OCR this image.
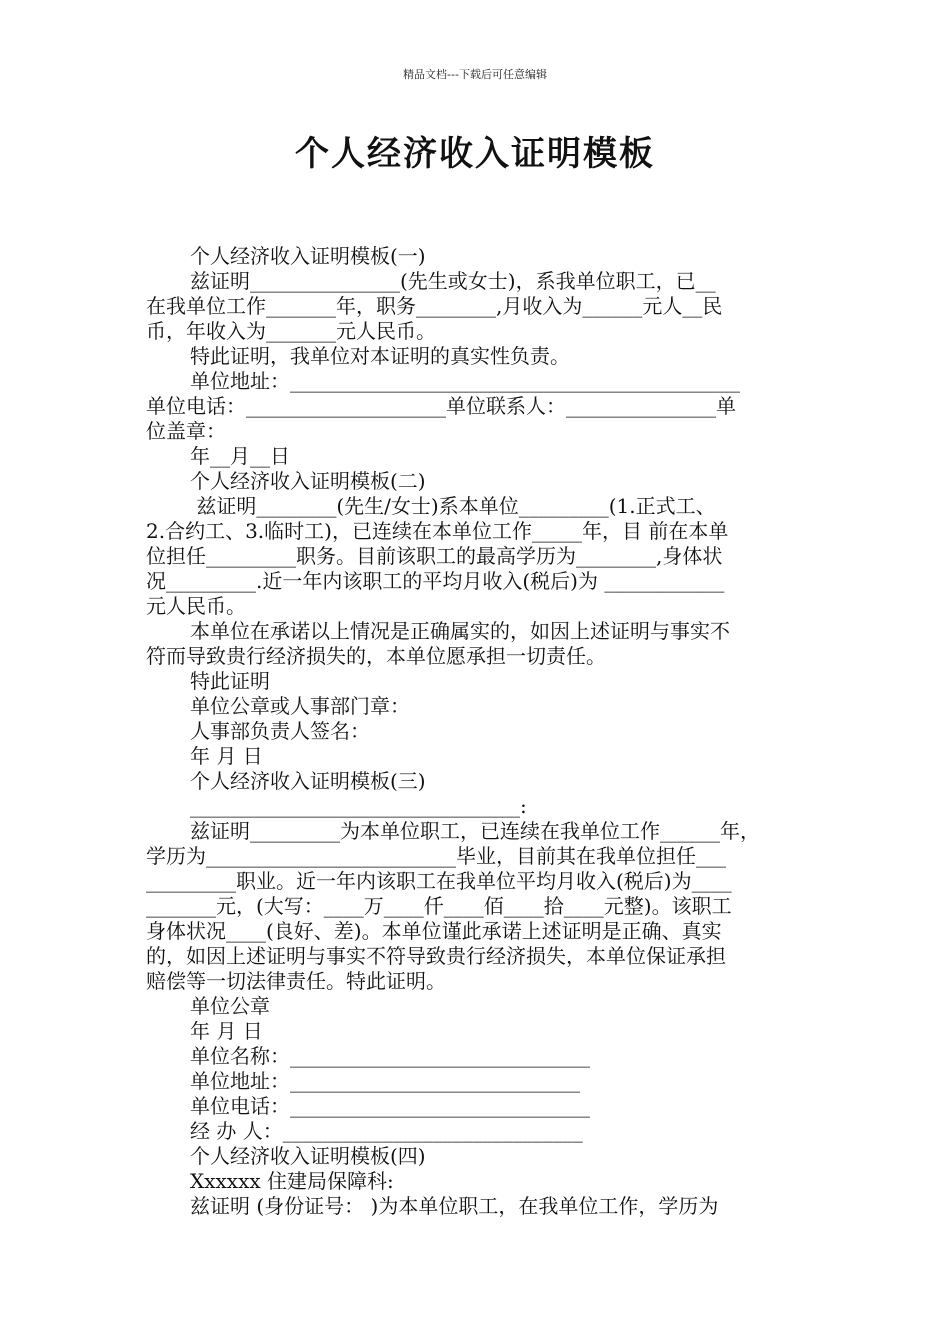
精品文档---下载后可任意编辑
个人经济收入证明模板
个人经济收入证明模板(一)
兹证明_______________(先生或女士)，系我单位职工，已__
在我单位工作_______年，职务________,月收入为______元人__民
币，年收入为_______元人民币。
特此证明，我单位对本证明的真实性负责。
单位地址：_____________________________________________
单位电话：____________________单位联系人：_______________单
位盖章：
年__月__日
个人经济收入证明模板(二)
兹证明________(先生/女士)系本单位_________(1.正式工、
2.合约工、3.临时工)，已连续在本单位工作_____年，目 前在本单
位担任_________职务。目前该职工的最高学历为________,身体状
况_________.近一年内该职工的平均月收入(税后)为 ____________
元人民币。
本单位在承诺以上情况是正确属实的，如因上述证明与事实不
符而导致贵行经济损失的，本单位愿承担一切责任。
特此证明
单位公章或人事部门章：
人事部负责人签名：
年 月 日
个人经济收入证明模板(三)
_________________________________:
兹证明_________为本单位职工，已连续在我单位工作______年，
学历为_________________________毕业，目前其在我单位担任___
_________职业。近一年内该职工在我单位平均月收入(税后)为____
_______元，(大写：____万____仟____佰____拾____元整)。该职工
身体状况____(良好、差)。本单位谨此承诺上述证明是正确、真实
的，如因上述证明与事实不符导致贵行经济损失，本单位保证承担
赔偿等一切法律责任。特此证明。
单位公章
年 月 日
单位名称：______________________________
单位地址：_____________________________
单位电话：______________________________
经 办 人：______________________________
个人经济收入证明模板(四)
Xxxxxx 住建局保障科:
兹证明 (身份证号： )为本单位职工，在我单位工作，学历为
